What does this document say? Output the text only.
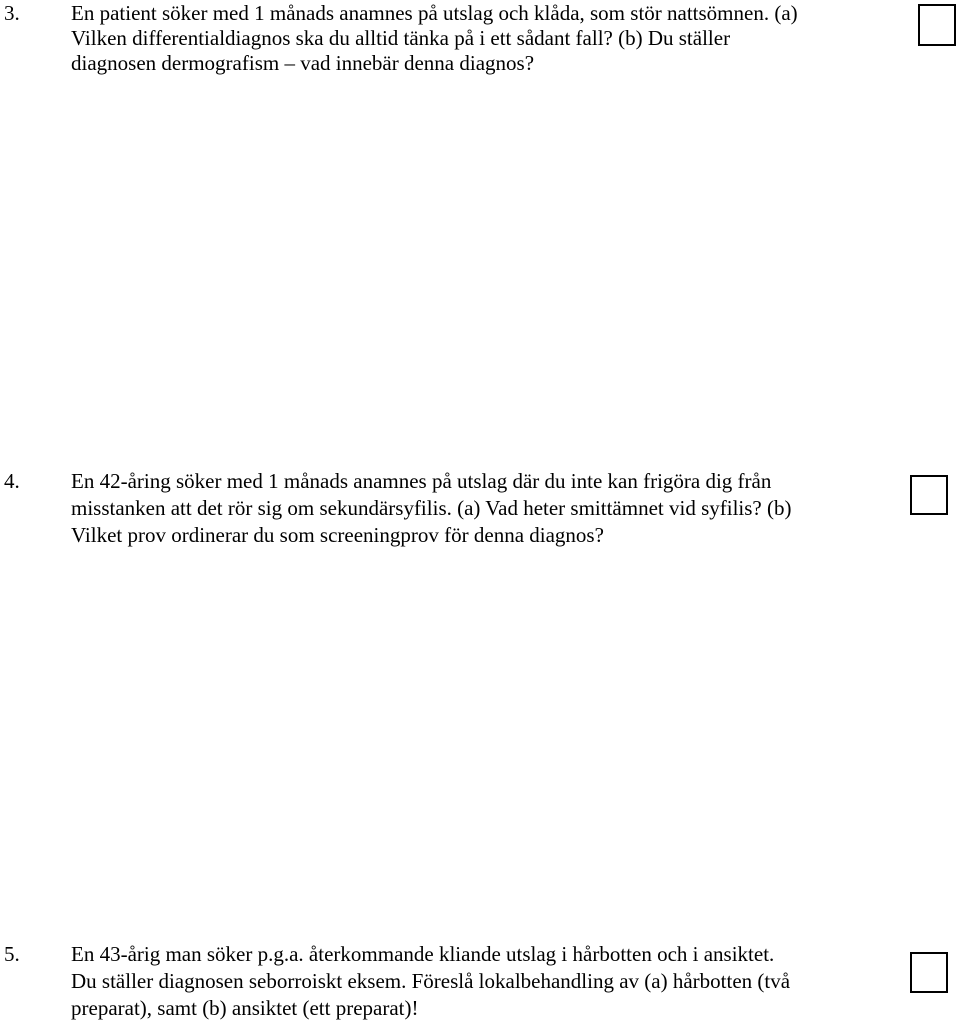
3. En patient söker med 1 månads anamnes på utslag och klåda, som stör nattsömnen. (a)
Vilken differentialdiagnos ska du alltid tänka på i ett sådant fall? (b) Du ställer
diagnosen dermografism – vad innebär denna diagnos?
4. En 42-åring söker med 1 månads anamnes på utslag där du inte kan frigöra dig från
misstanken att det rör sig om sekundärsyfilis. (a) Vad heter smittämnet vid syfilis? (b)
Vilket prov ordinerar du som screeningprov för denna diagnos?
5. En 43-årig man söker p.g.a. återkommande kliande utslag i hårbotten och i ansiktet.
Du ställer diagnosen seborroiskt eksem. Föreslå lokalbehandling av (a) hårbotten (två
preparat), samt (b) ansiktet (ett preparat)!
